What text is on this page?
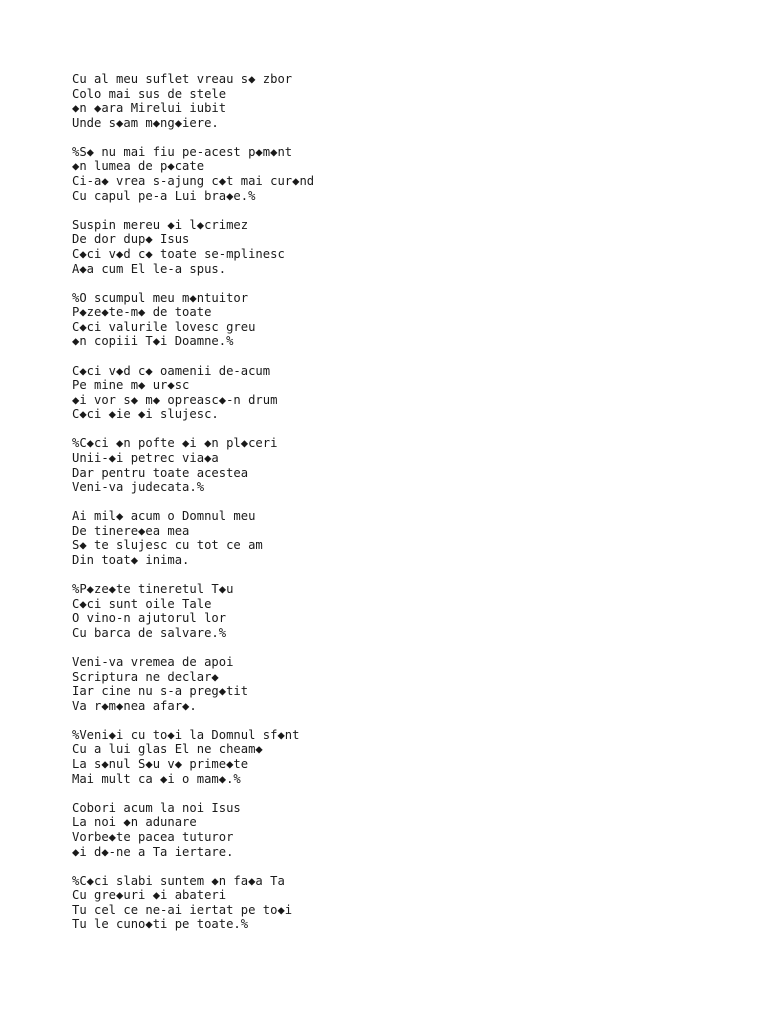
Cu al meu suflet vreau s◆ zbor
Colo mai sus de stele
◆n ◆ara Mirelui iubit
Unde s◆am m◆ng◆iere.
%S◆ nu mai fiu pe-acest p◆m◆nt
◆n lumea de p◆cate
Ci-a◆ vrea s-ajung c◆t mai cur◆nd
Cu capul pe-a Lui bra◆e.%
Suspin mereu ◆i l◆crimez
De dor dup◆ Isus
C◆ci v◆d c◆ toate se-mplinesc
A◆a cum El le-a spus.
%O scumpul meu m◆ntuitor
P◆ze◆te-m◆ de toate
C◆ci valurile lovesc greu
◆n copiii T◆i Doamne.%
C◆ci v◆d c◆ oamenii de-acum
Pe mine m◆ ur◆sc
◆i vor s◆ m◆ opreasc◆-n drum
C◆ci ◆ie ◆i slujesc.
%C◆ci ◆n pofte ◆i ◆n pl◆ceri
Unii-◆i petrec via◆a
Dar pentru toate acestea
Veni-va judecata.%
Ai mil◆ acum o Domnul meu
De tinere◆ea mea
S◆ te slujesc cu tot ce am
Din toat◆ inima.
%P◆ze◆te tineretul T◆u
C◆ci sunt oile Tale
O vino-n ajutorul lor
Cu barca de salvare.%
Veni-va vremea de apoi
Scriptura ne declar◆
Iar cine nu s-a preg◆tit
Va r◆m◆nea afar◆.
%Veni◆i cu to◆i la Domnul sf◆nt
Cu a lui glas El ne cheam◆
La s◆nul S◆u v◆ prime◆te
Mai mult ca ◆i o mam◆.%
Cobori acum la noi Isus
La noi ◆n adunare
Vorbe◆te pacea tuturor
◆i d◆-ne a Ta iertare.
%C◆ci slabi suntem ◆n fa◆a Ta
Cu gre◆uri ◆i abateri
Tu cel ce ne-ai iertat pe to◆i
Tu le cuno◆ti pe toate.%
